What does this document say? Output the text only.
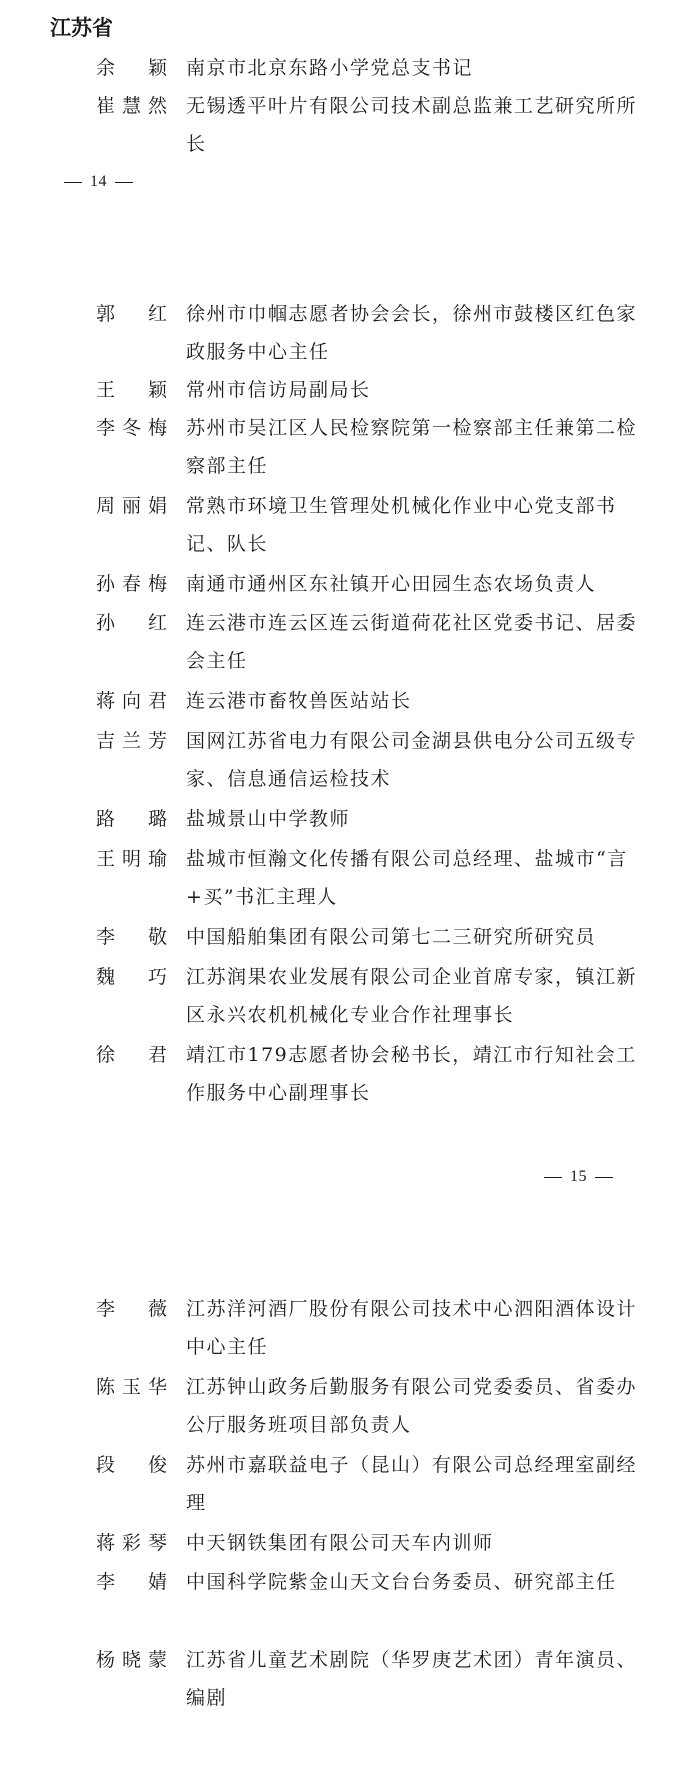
江苏省
余　颖 南京市北京东路小学党总支书记
崔慧然 无锡透平叶片有限公司技术副总监兼工艺研究所所长
14
郭　红 徐州市巾帼志愿者协会会长，徐州市鼓楼区红色家政服务中心主任
王　颖 常州市信访局副局长
李冬梅 苏州市吴江区人民检察院第一检察部主任兼第二检察部主任
周丽娟 常熟市环境卫生管理处机械化作业中心党支部书记、队长
孙春梅 南通市通州区东社镇开心田园生态农场负责人
孙　红 连云港市连云区连云街道荷花社区党委书记、居委会主任
蒋向君 连云港市畜牧兽医站站长
吉兰芳 国网江苏省电力有限公司金湖县供电分公司五级专家、信息通信运检技术
路　璐 盐城景山中学教师
王明瑜 盐城市恒瀚文化传播有限公司总经理、盐城市“言+买”书汇主理人
李　敬 中国船舶集团有限公司第七二三研究所研究员
魏　巧 江苏润果农业发展有限公司企业首席专家，镇江新区永兴农机机械化专业合作社理事长
徐　君 靖江市179志愿者协会秘书长，靖江市行知社会工作服务中心副理事长
15
李　薇 江苏洋河酒厂股份有限公司技术中心泗阳酒体设计中心主任
陈玉华 江苏钟山政务后勤服务有限公司党委委员、省委办公厅服务班项目部负责人
段　俊 苏州市嘉联益电子（昆山）有限公司总经理室副经理
蒋彩琴 中天钢铁集团有限公司天车内训师
李　婧 中国科学院紫金山天文台台务委员、研究部主任
杨晓蒙 江苏省儿童艺术剧院（华罗庚艺术团）青年演员、编剧
